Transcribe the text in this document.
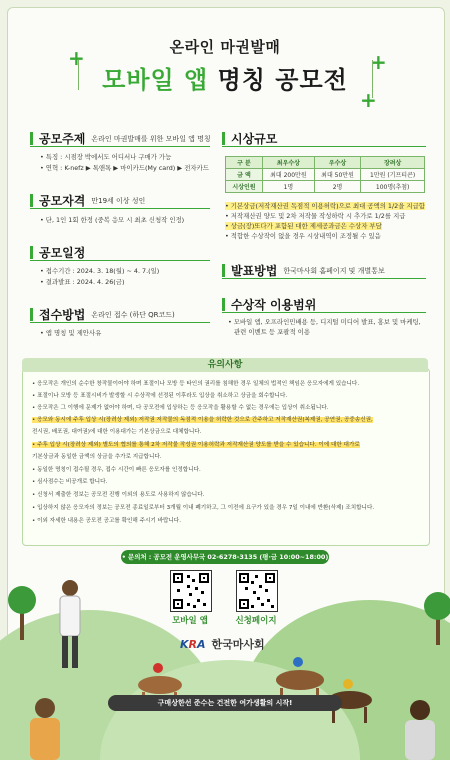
+	+
+
온라인 마권발매
모바일 앱 명칭 공모전
공모주제 온라인 마권발매를 위한 모바일 앱 명칭
• 특징 : 시점장 박에서도 어디서나 구매가 가능
• 연혁 : K-nefz ▶ 톡앤톡 ▶ 마이카드(My card) ▶ 전자카드
공모자격 만19세 이상 성인
• 단, 1인 1회 한정 (중복 응모 시 최초 신청작 인정)
공모일정
• 접수기간 : 2024. 3. 18(월) ~ 4. 7.(일)
• 결과발표 : 2024. 4. 26(금)
접수방법 온라인 접수 (하단 QR코드)
• 앱 명칭 및 제안사유
시상규모
구 분	최우수상	우수상	장려상
금 액	최대 200만원	최대 50만원	1만원 (기프티콘)
시상인원	1명	2명	100명(추첨)
• 기본상금(저작재산권 독점적 이용허락)으로 최대 공액의 1/2을 지급함
• 저작재산권 양도 및 2차 저작물 작성하락 시 추가로 1/2를 지급
• 상금(장)또다가 포함된 대한 제세공과금은 수상자 부담
• 적합한 수상작이 없을 경우 시상내역이 조정될 수 있음
발표방법 한국마사회 홈페이지 및 개별통보
수상작 이용범위
• 모바일 앱, 오프라인민배용 등, 디지털 미디어 발표, 홍보 및 마케팅,
관련 이벤트 등 포괄적 이용
유의사항
• 응모작은 개인의 순수한 창작물이어야 하며 표절이나 모방 등 타인의 권리를 침해한 경우 일체의 법적인 책임은 응모자에게 있습니다.
• 표절이나 모방 등 표절시비가 발생할 시 수상작에 선정된 이후라도 입상을 취소하고 상금을 회수합니다.
• 응모작은 그 이행에 문제가 없어야 하며, 다 공모전에 입상하는 등 응모작을 활용할 수 없는 경우에는 입상이 취소됩니다.
• 응모와 동시에 주후 입상 시(장려상 제외) 저작권 저작물의 독점적 이용을 허락한 것으로 간주하고 저작재산권(복제권, 공연권, 공중송신권,
전시권, 배포권, 대여권)에 대한 이용대가는 기본상금으로 대체합니다.
• 주후 입상 시(장려상 제외) 별도의 협의를 통해 2차 저작물 작성권 이용허락과 저작재산권 양도를 받을 수 있습니다. 이에 대한 대가로
기본상금과 동일한 금액의 상금을 추가로 지급합니다.
• 동일한 명칭이 접수될 경우, 접수 시간이 빠른 응모자를 인정합니다.
• 심사점수는 비공개로 합니다.
• 신청서 제출한 정보는 공모전 진행 이외의 용도로 사용하지 않습니다.
• 입상하지 않은 응모자의 정보는 공모전 종료일로부터 3개월 이내 폐기하고, 그 이전에 요구가 있을 경우 7일 이내에 반환(삭제) 조치합니다.
• 이외 자세한 내용은 공모전 공고를 확인해 주시기 바랍니다.
• 문의처 : 공모전 운영사무국 02-6278-3135 (평·금 10:00~18:00)
모바일 앱	신청페이지
KRA 한국마사회
구매상한선 준수는 건전한 여가생활의 시작!
